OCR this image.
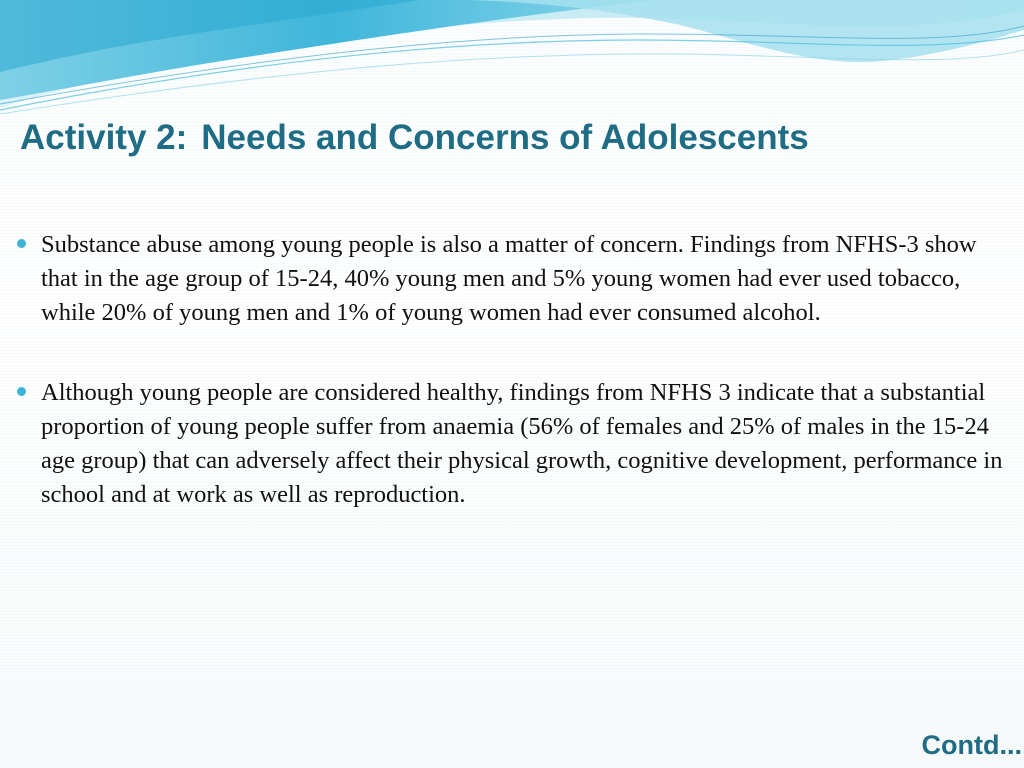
Activity 2: Needs and Concerns of Adolescents
Substance abuse among young people is also a matter of concern. Findings from NFHS-3 show that in the age group of 15-24, 40% young men and 5% young women had ever used tobacco, while 20% of young men and 1% of young women had ever consumed alcohol.
Although young people are considered healthy, findings from NFHS 3 indicate that a substantial proportion of young people suffer from anaemia (56% of females and 25% of males in the 15-24 age group) that can adversely affect their physical growth, cognitive development, performance in school and at work as well as reproduction.
Contd...
